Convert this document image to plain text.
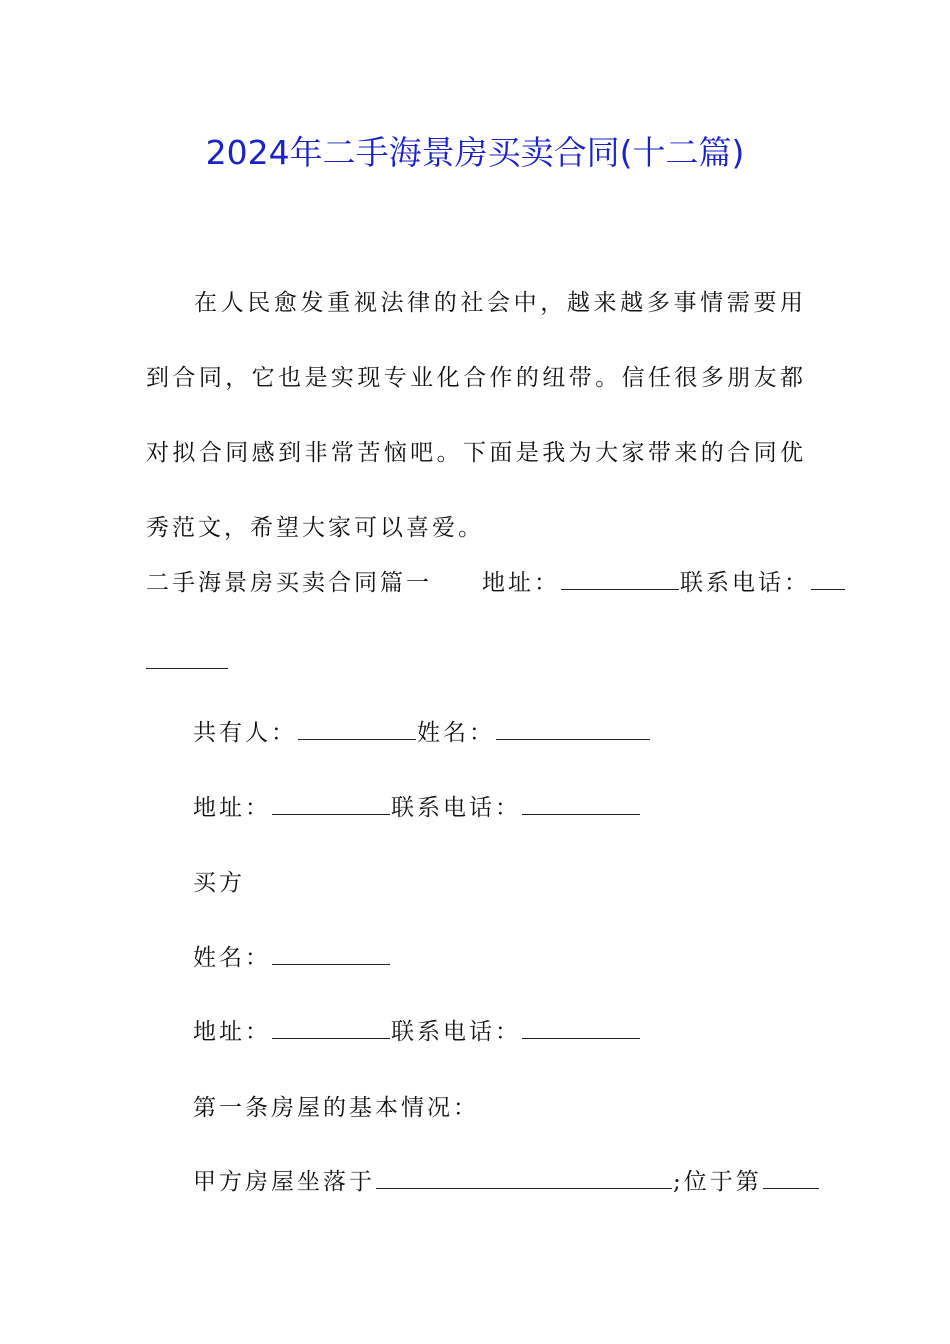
2024年二手海景房买卖合同(十二篇)

在人民愈发重视法律的社会中，越来越多事情需要用到合同，它也是实现专业化合作的纽带。信任很多朋友都对拟合同感到非常苦恼吧。下面是我为大家带来的合同优秀范文，希望大家可以喜爱。

二手海景房买卖合同篇一 地址：	联系电话：
共有人：	姓名：
地址：	联系电话：
买方
姓名：
地址：	联系电话：
第一条房屋的基本情况：
甲方房屋坐落于	;位于第
